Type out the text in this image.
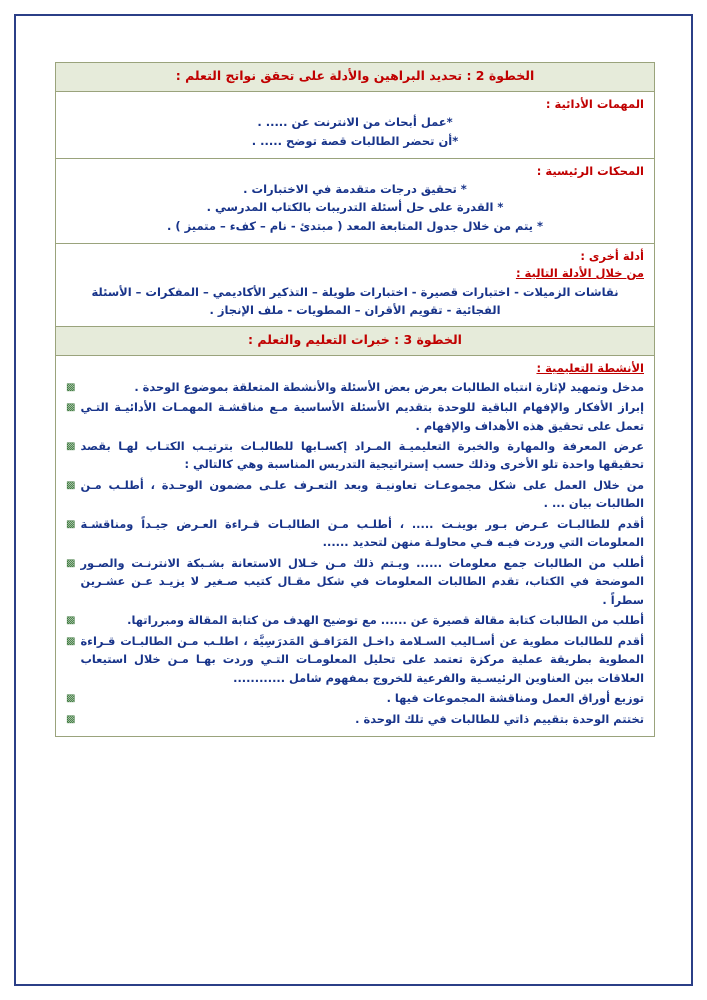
الخطوة 2 : تحديد البراهين والأدلة على تحقق نواتج التعلم :
المهمات الأدائية :
*عمل أبحاث من الانترنت عن ..... .
*أن تحضر الطالبات قصة توضح ..... .
المحكات الرئيسية :
* تحقيق درجات متقدمة في الاختبارات .
* القدرة على حل أسئلة التدريبات بالكتاب المدرسي .
* يتم من خلال جدول المتابعة المعد ( مبتدئ - نام – كفء – متميز ) .
أدلة أخرى :
من خلال الأدلة التالية :
نقاشات الزميلات - اختبارات قصيرة - اختبارات طويلة – التذكير الأكاديمي – المفكرات – الأسئلة
الفجائية - تقويم الأقران – المطويات - ملف الإنجاز .
الخطوة 3 : خبرات التعليم والتعلم :
الأنشطة التعليمية :
▩	مدخل وتمهيد لإثارة انتباه الطالبات بعرض بعض الأسئلة والأنشطة المتعلقة بموضوع الوحدة .
▩ إبراز الأفكار والإفهام الباقية للوحدة بتقديم الأسئلة الأساسية مـع مناقشـة المهمـات الأدائيـة التـي تعمل على تحقيق هذه الأهداف والإفهام .
▩ عرض المعرفة والمهارة والخبرة التعليميـة المـراد إكسـابها للطالبـات بترتيـب الكتـاب لهـا بقصد تحقيقها واحدة تلو الأخرى وذلك حسب إستراتيجية التدريس المناسبة وهي كالتالي :
▩ من خلال العمل على شكل مجموعـات تعاونيـة وبعد التعـرف علـى مضمون الوحـدة ، أطلـب مـن الطالبات بيان ... .
▩ أقدم للطالبـات عـرض بـور بوينـت ..... ، أطلـب مـن الطالبـات قـراءة العـرض جيـداً ومناقشـة المعلومات التي وردت فيـه فـي محاولـة منهن لتحديد ......
▩ أطلب من الطالبات جمع معلومات ...... ويـتم ذلك مـن خـلال الاستعانة بشـبكة الانترنـت والصـور الموضحة في الكتاب، تقدم الطالبات المعلومات في شكل مقـال كتيب صـغير لا يزيـد عـن عشـرين سطراً .
▩	أطلب من الطالبات كتابة مقالة قصيرة عن ...... مع توضيح الهدف من كتابة المقالة ومبرراتها.
▩ أقدم للطالبات مطوية عن أسـاليب السـلامة داخـل المَرَافـق المَدرَسِيَّة ، اطلـب مـن الطالبـات قـراءة المطوية بطريقة عملية مركزة تعتمد على تحليل المعلومـات التـي وردت بهـا مـن خلال استيعاب العلاقات بين العناوين الرئيسـية والفرعية للخروج بمفهوم شامل ............
▩	توزيع أوراق العمل ومناقشة المجموعات فيها .
▩	تختتم الوحدة بتقييم ذاتي للطالبات في تلك الوحدة .
